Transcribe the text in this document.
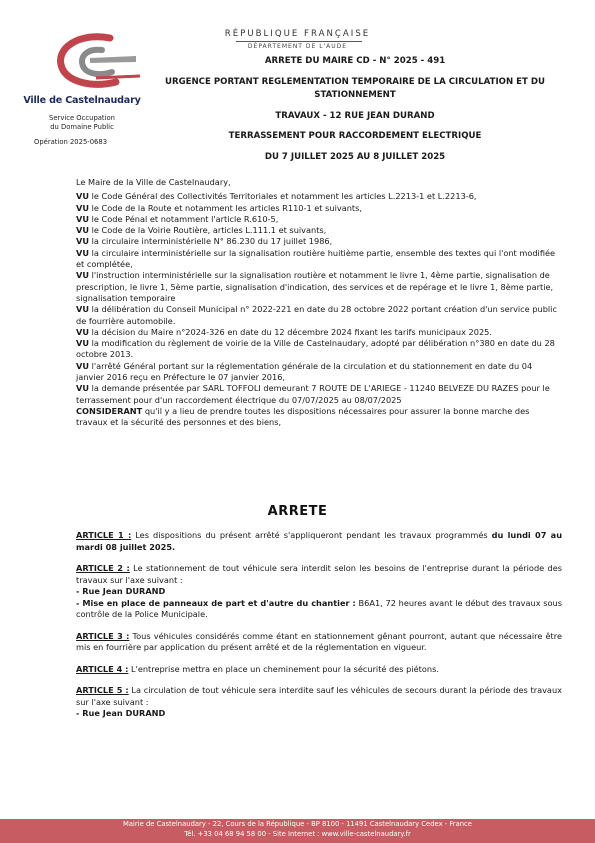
Ville de Castelnaudary
Service Occupation
du Domaine Public
Opération 2025-0683
RÉPUBLIQUE FRANÇAISE
DÉPARTEMENT DE L'AUDE
ARRETE DU MAIRE CD - N° 2025 - 491
URGENCE PORTANT REGLEMENTATION TEMPORAIRE DE LA CIRCULATION ET DU
STATIONNEMENT
TRAVAUX - 12 RUE JEAN DURAND
TERRASSEMENT POUR RACCORDEMENT ELECTRIQUE
DU 7 JUILLET 2025 AU 8 JUILLET 2025

Le Maire de la Ville de Castelnaudary,

VU le Code Général des Collectivités Territoriales et notamment les articles L.2213-1 et L.2213-6,

VU le Code de la Route et notamment les articles R110-1 et suivants,

VU le Code Pénal et notamment l'article R.610-5,

VU le Code de la Voirie Routière, articles L.111.1 et suivants,

VU la circulaire interministérielle N° 86.230 du 17 juillet 1986,

VU la circulaire interministérielle sur la signalisation routière huitième partie, ensemble des textes qui l'ont modifiée et complétée,

VU l'instruction interministérielle sur la signalisation routière et notamment le livre 1, 4ème partie, signalisation de prescription, le livre 1, 5ème partie, signalisation d'indication, des services et de repérage et le livre 1, 8ème partie, signalisation temporaire

VU la délibération du Conseil Municipal n° 2022-221 en date du 28 octobre 2022 portant création d'un service public de fourrière automobile.

VU la décision du Maire n°2024-326 en date du 12 décembre 2024 fixant les tarifs municipaux 2025.

VU la modification du règlement de voirie de la Ville de Castelnaudary, adopté par délibération n°380 en date du 28 octobre 2013.

VU l'arrêté Général portant sur la réglementation générale de la circulation et du stationnement en date du 04 janvier 2016 reçu en Préfecture le 07 janvier 2016,

VU la demande présentée par SARL TOFFOLI demeurant 7 ROUTE DE L'ARIEGE - 11240 BELVEZE DU RAZES pour le terrassement pour d'un raccordement électrique du 07/07/2025 au 08/07/2025

CONSIDERANT qu'il y a lieu de prendre toutes les dispositions nécessaires pour assurer la bonne marche des travaux et la sécurité des personnes et des biens,

ARRETE

ARTICLE 1 : Les dispositions du présent arrêté s'appliqueront pendant les travaux programmés du lundi 07 au mardi 08 juillet 2025.

ARTICLE 2 : Le stationnement de tout véhicule sera interdit selon les besoins de l'entreprise durant la période des travaux sur l'axe suivant :

- Rue Jean DURAND

- Mise en place de panneaux de part et d'autre du chantier : B6A1, 72 heures avant le début des travaux sous contrôle de la Police Municipale.

ARTICLE 3 : Tous véhicules considérés comme étant en stationnement gênant pourront, autant que nécessaire être mis en fourrière par application du présent arrêté et de la réglementation en vigueur.

ARTICLE 4 : L'entreprise mettra en place un cheminement pour la sécurité des piétons.

ARTICLE 5 : La circulation de tout véhicule sera interdite sauf les véhicules de secours durant la période des travaux sur l'axe suivant :

- Rue Jean DURAND

Mairie de Castelnaudary - 22, Cours de la République - BP 8100 - 11491 Castelnaudary Cedex - France
Tél. +33 04 68 94 58 00 - Site Internet : www.ville-castelnaudary.fr
